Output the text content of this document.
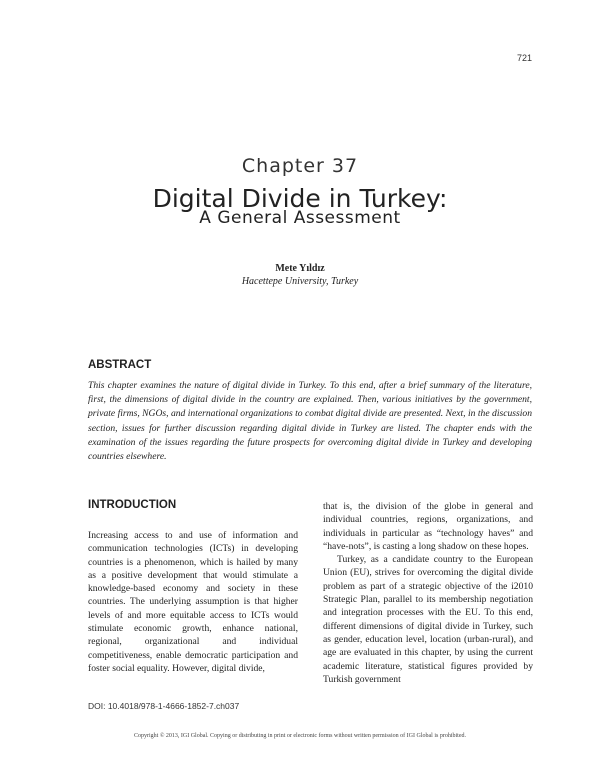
721
Chapter 37
Digital Divide in Turkey:
A General Assessment
Mete Yıldız
Hacettepe University, Turkey
ABSTRACT
This chapter examines the nature of digital divide in Turkey. To this end, after a brief summary of the literature, first, the dimensions of digital divide in the country are explained. Then, various initiatives by the government, private firms, NGOs, and international organizations to combat digital divide are presented. Next, in the discussion section, issues for further discussion regarding digital divide in Turkey are listed. The chapter ends with the examination of the issues regarding the future prospects for overcoming digital divide in Turkey and developing countries elsewhere.
INTRODUCTION

Increasing access to and use of information and communication technologies (ICTs) in developing countries is a phenomenon, which is hailed by many as a positive development that would stimulate a knowledge-based economy and society in these countries. The underlying assumption is that higher levels of and more equitable access to ICTs would stimulate economic growth, enhance national, regional, organizational and individual competitiveness, enable democratic participation and foster social equality. However, digital divide,

that is, the division of the globe in general and individual countries, regions, organizations, and individuals in particular as “technology haves” and “have-nots”, is casting a long shadow on these hopes.

Turkey, as a candidate country to the European Union (EU), strives for overcoming the digital divide problem as part of a strategic objective of the i2010 Strategic Plan, parallel to its membership negotiation and integration processes with the EU. To this end, different dimensions of digital divide in Turkey, such as gender, education level, location (urban-rural), and age are evaluated in this chapter, by using the current academic literature, statistical figures provided by Turkish government

DOI: 10.4018/978-1-4666-1852-7.ch037
Copyright © 2013, IGI Global. Copying or distributing in print or electronic forms without written permission of IGI Global is prohibited.
